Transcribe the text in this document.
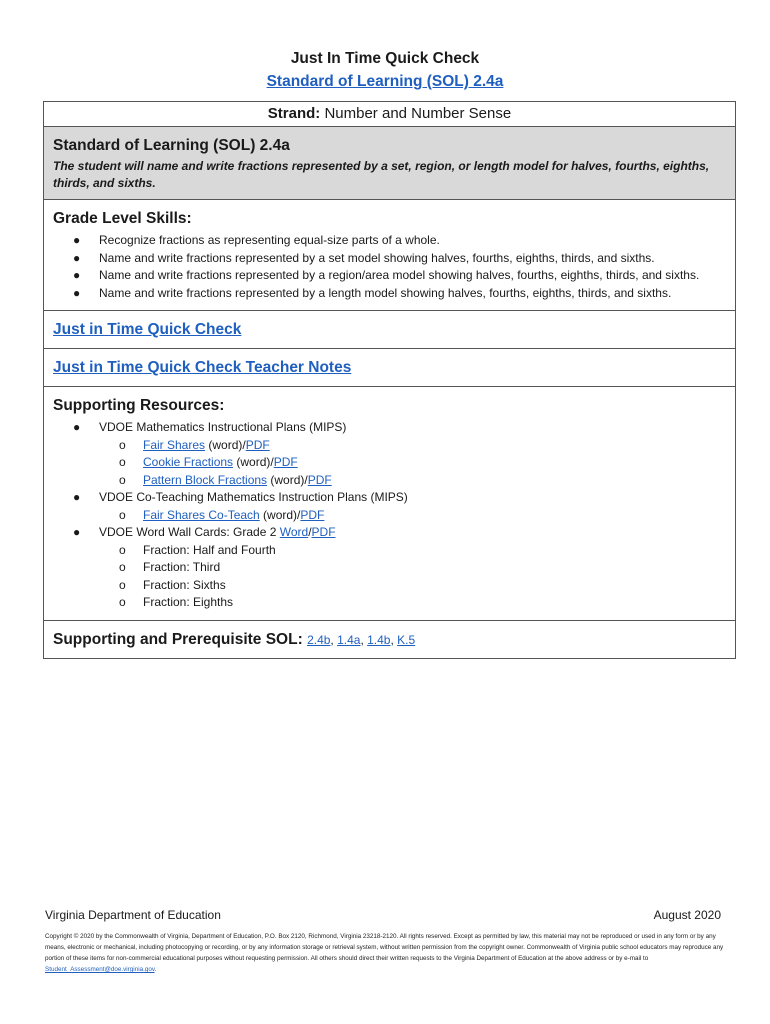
Just In Time Quick Check
Standard of Learning (SOL) 2.4a
Strand: Number and Number Sense
Standard of Learning (SOL) 2.4a
The student will name and write fractions represented by a set, region, or length model for halves, fourths, eighths, thirds, and sixths.
Grade Level Skills:
● Recognize fractions as representing equal-size parts of a whole.
● Name and write fractions represented by a set model showing halves, fourths, eighths, thirds, and sixths.
● Name and write fractions represented by a region/area model showing halves, fourths, eighths, thirds, and sixths.
● Name and write fractions represented by a length model showing halves, fourths, eighths, thirds, and sixths.
Just in Time Quick Check
Just in Time Quick Check Teacher Notes
Supporting Resources:
● VDOE Mathematics Instructional Plans (MIPS)
o Fair Shares (word)/PDF
o Cookie Fractions (word)/PDF
o Pattern Block Fractions (word)/PDF
● VDOE Co-Teaching Mathematics Instruction Plans (MIPS)
o Fair Shares Co-Teach (word)/PDF
● VDOE Word Wall Cards: Grade 2 Word/PDF
o Fraction: Half and Fourth
o Fraction: Third
o Fraction: Sixths
o Fraction: Eighths
Supporting and Prerequisite SOL: 2.4b, 1.4a, 1.4b, K.5
Virginia Department of Education	August 2020
Copyright © 2020 by the Commonwealth of Virginia, Department of Education, P.O. Box 2120, Richmond, Virginia 23218-2120. All rights reserved. Except as permitted by law, this material may not be reproduced or used in any form or by any means, electronic or mechanical, including photocopying or recording, or by any information storage or retrieval system, without written permission from the copyright owner. Commonwealth of Virginia public school educators may reproduce any portion of these items for non-commercial educational purposes without requesting permission. All others should direct their written requests to the Virginia Department of Education at the above address or by e-mail to Student_Assessment@doe.virginia.gov.
